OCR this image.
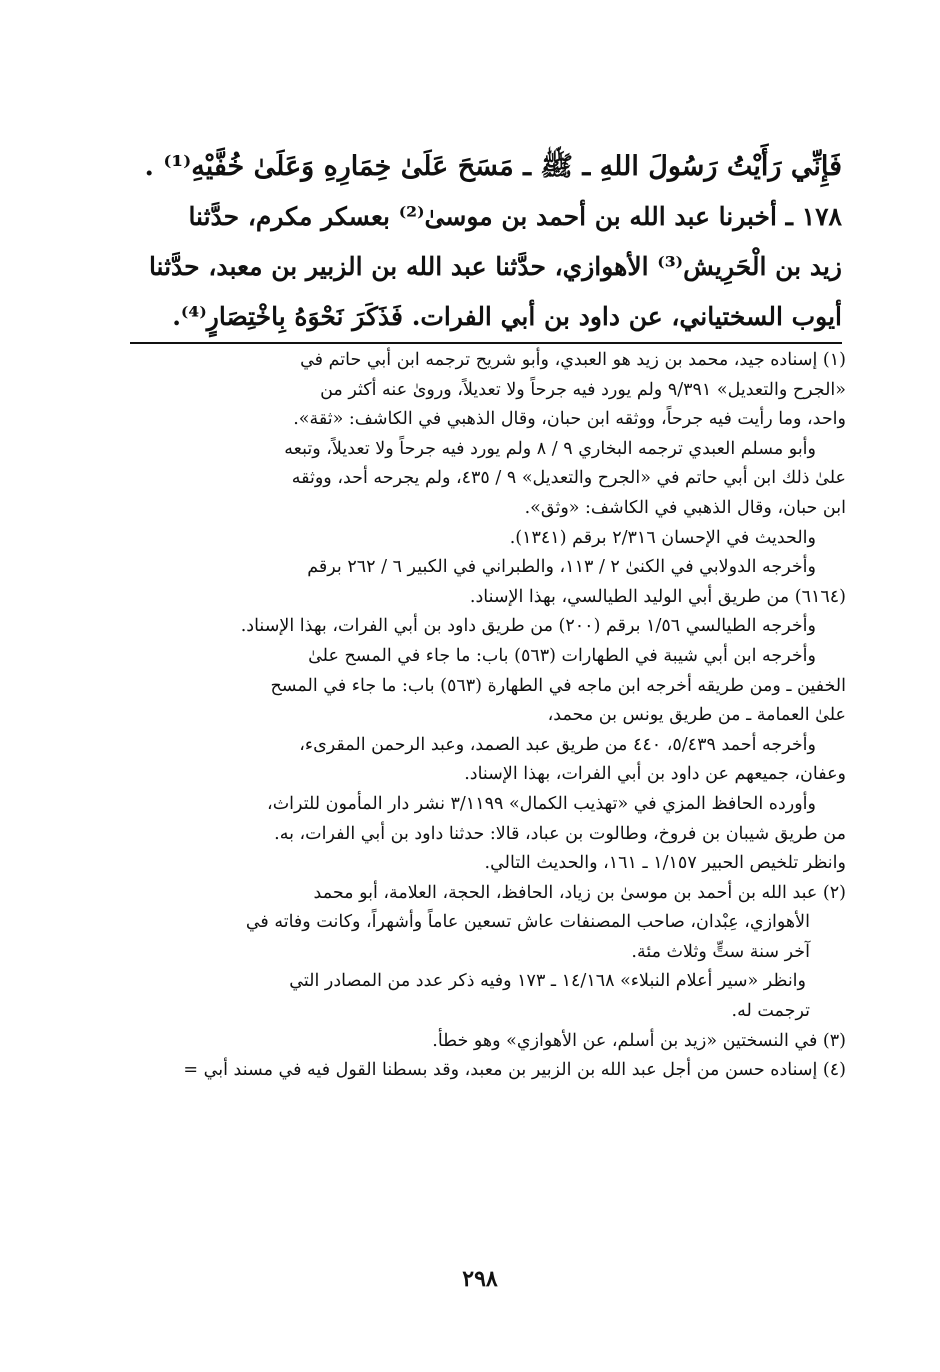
فَإِنِّي رَأَيْتُ رَسُولَ اللهِ ـ ﷺ ـ مَسَحَ عَلَىٰ خِمَارِهِ وَعَلَىٰ خُفَّيْهِ⁽¹⁾ .
١٧٨ ـ أخبرنا عبد الله بن أحمد بن موسىٰ⁽²⁾ بعسكر مكرم، حدَّثنا
زيد بن الْحَرِيش⁽³⁾ الأهوازي، حدَّثنا عبد الله بن الزبير بن معبد، حدَّثنا
أيوب السختياني، عن داود بن أبي الفرات. فَذَكَرَ نَحْوَهُ بِاخْتِصَارٍ⁽⁴⁾.
(١) إسناده جيد، محمد بن زيد هو العبدي، وأبو شريح ترجمه ابن أبي حاتم في
«الجرح والتعديل» ٩/٣٩١ ولم يورد فيه جرحاً ولا تعديلاً، وروىٰ عنه أكثر من
واحد، وما رأيت فيه جرحاً، ووثقه ابن حبان، وقال الذهبي في الكاشف: «ثقة».
وأبو مسلم العبدي ترجمه البخاري ٩ / ٨ ولم يورد فيه جرحاً ولا تعديلاً، وتبعه
علىٰ ذلك ابن أبي حاتم في «الجرح والتعديل» ٩ / ٤٣٥، ولم يجرحه أحد، ووثقه
ابن حبان، وقال الذهبي في الكاشف: «وثق».
والحديث في الإحسان ٢/٣١٦ برقم (١٣٤١).
وأخرجه الدولابي في الكنىٰ ٢ / ١١٣، والطبراني في الكبير ٦ / ٢٦٢ برقم
(٦١٦٤) من طريق أبي الوليد الطيالسي، بهذا الإسناد.
وأخرجه الطيالسي ١/٥٦ برقم (٢٠٠) من طريق داود بن أبي الفرات، بهذا الإسناد.
وأخرجه ابن أبي شيبة في الطهارات (٥٦٣) باب: ما جاء في المسح علىٰ
الخفين ـ ومن طريقه أخرجه ابن ماجه في الطهارة (٥٦٣) باب: ما جاء في المسح
علىٰ العمامة ـ من طريق يونس بن محمد،
وأخرجه أحمد ٥/٤٣٩، ٤٤٠ من طريق عبد الصمد، وعبد الرحمن المقرىء،
وعفان، جميعهم عن داود بن أبي الفرات، بهذا الإسناد.
وأورده الحافظ المزي في «تهذيب الكمال» ٣/١١٩٩ نشر دار المأمون للتراث،
من طريق شيبان بن فروخ، وطالوت بن عباد، قالا: حدثنا داود بن أبي الفرات، به.
وانظر تلخيص الحبير ١/١٥٧ ـ ١٦١، والحديث التالي.
(٢) عبد الله بن أحمد بن موسىٰ بن زياد، الحافظ، الحجة، العلامة، أبو محمد
الأهوازي، عِبْدان، صاحب المصنفات عاش تسعين عاماً وأشهراً، وكانت وفاته في
آخر سنة ستٍّ وثلاث مئة.
وانظر «سير أعلام النبلاء» ١٤/١٦٨ ـ ١٧٣ وفيه ذكر عدد من المصادر التي
ترجمت له.
(٣) في النسختين «زيد بن أسلم، عن الأهوازي» وهو خطأ.
(٤) إسناده حسن من أجل عبد الله بن الزبير بن معبد، وقد بسطنا القول فيه في مسند أبي =
٢٩٨
